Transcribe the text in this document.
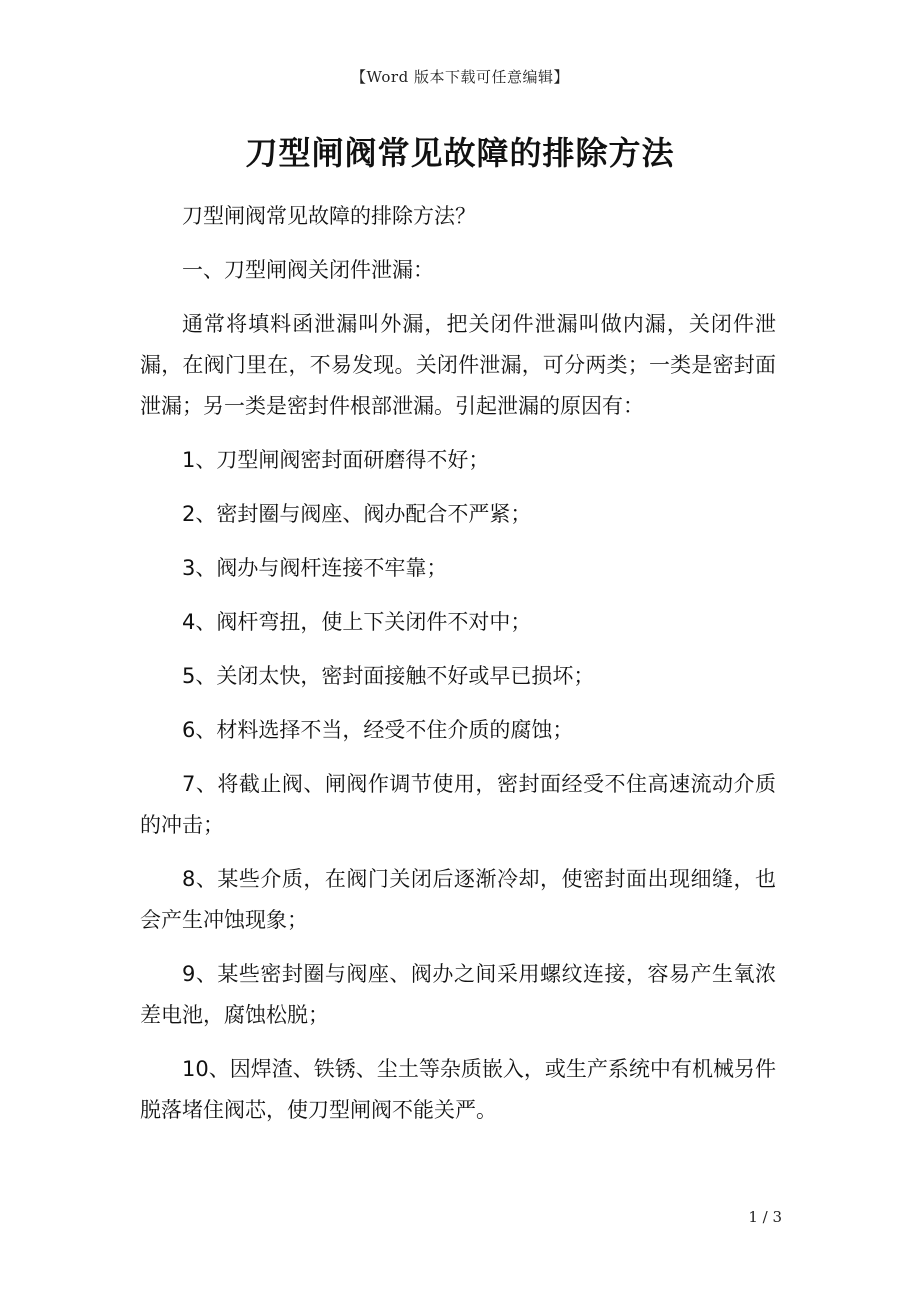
【Word 版本下载可任意编辑】
刀型闸阀常见故障的排除方法

刀型闸阀常见故障的排除方法？

一、刀型闸阀关闭件泄漏：

通常将填料函泄漏叫外漏，把关闭件泄漏叫做内漏，关闭件泄漏，在阀门里在，不易发现。关闭件泄漏，可分两类；一类是密封面泄漏；另一类是密封件根部泄漏。引起泄漏的原因有：

1、刀型闸阀密封面研磨得不好；

2、密封圈与阀座、阀办配合不严紧；

3、阀办与阀杆连接不牢靠；

4、阀杆弯扭，使上下关闭件不对中；

5、关闭太快，密封面接触不好或早已损坏；

6、材料选择不当，经受不住介质的腐蚀；

7、将截止阀、闸阀作调节使用，密封面经受不住高速流动介质的冲击；

8、某些介质，在阀门关闭后逐渐冷却，使密封面出现细缝，也会产生冲蚀现象；

9、某些密封圈与阀座、阀办之间采用螺纹连接，容易产生氧浓差电池，腐蚀松脱；

10、因焊渣、铁锈、尘土等杂质嵌入，或生产系统中有机械另件脱落堵住阀芯，使刀型闸阀不能关严。

1 / 3
